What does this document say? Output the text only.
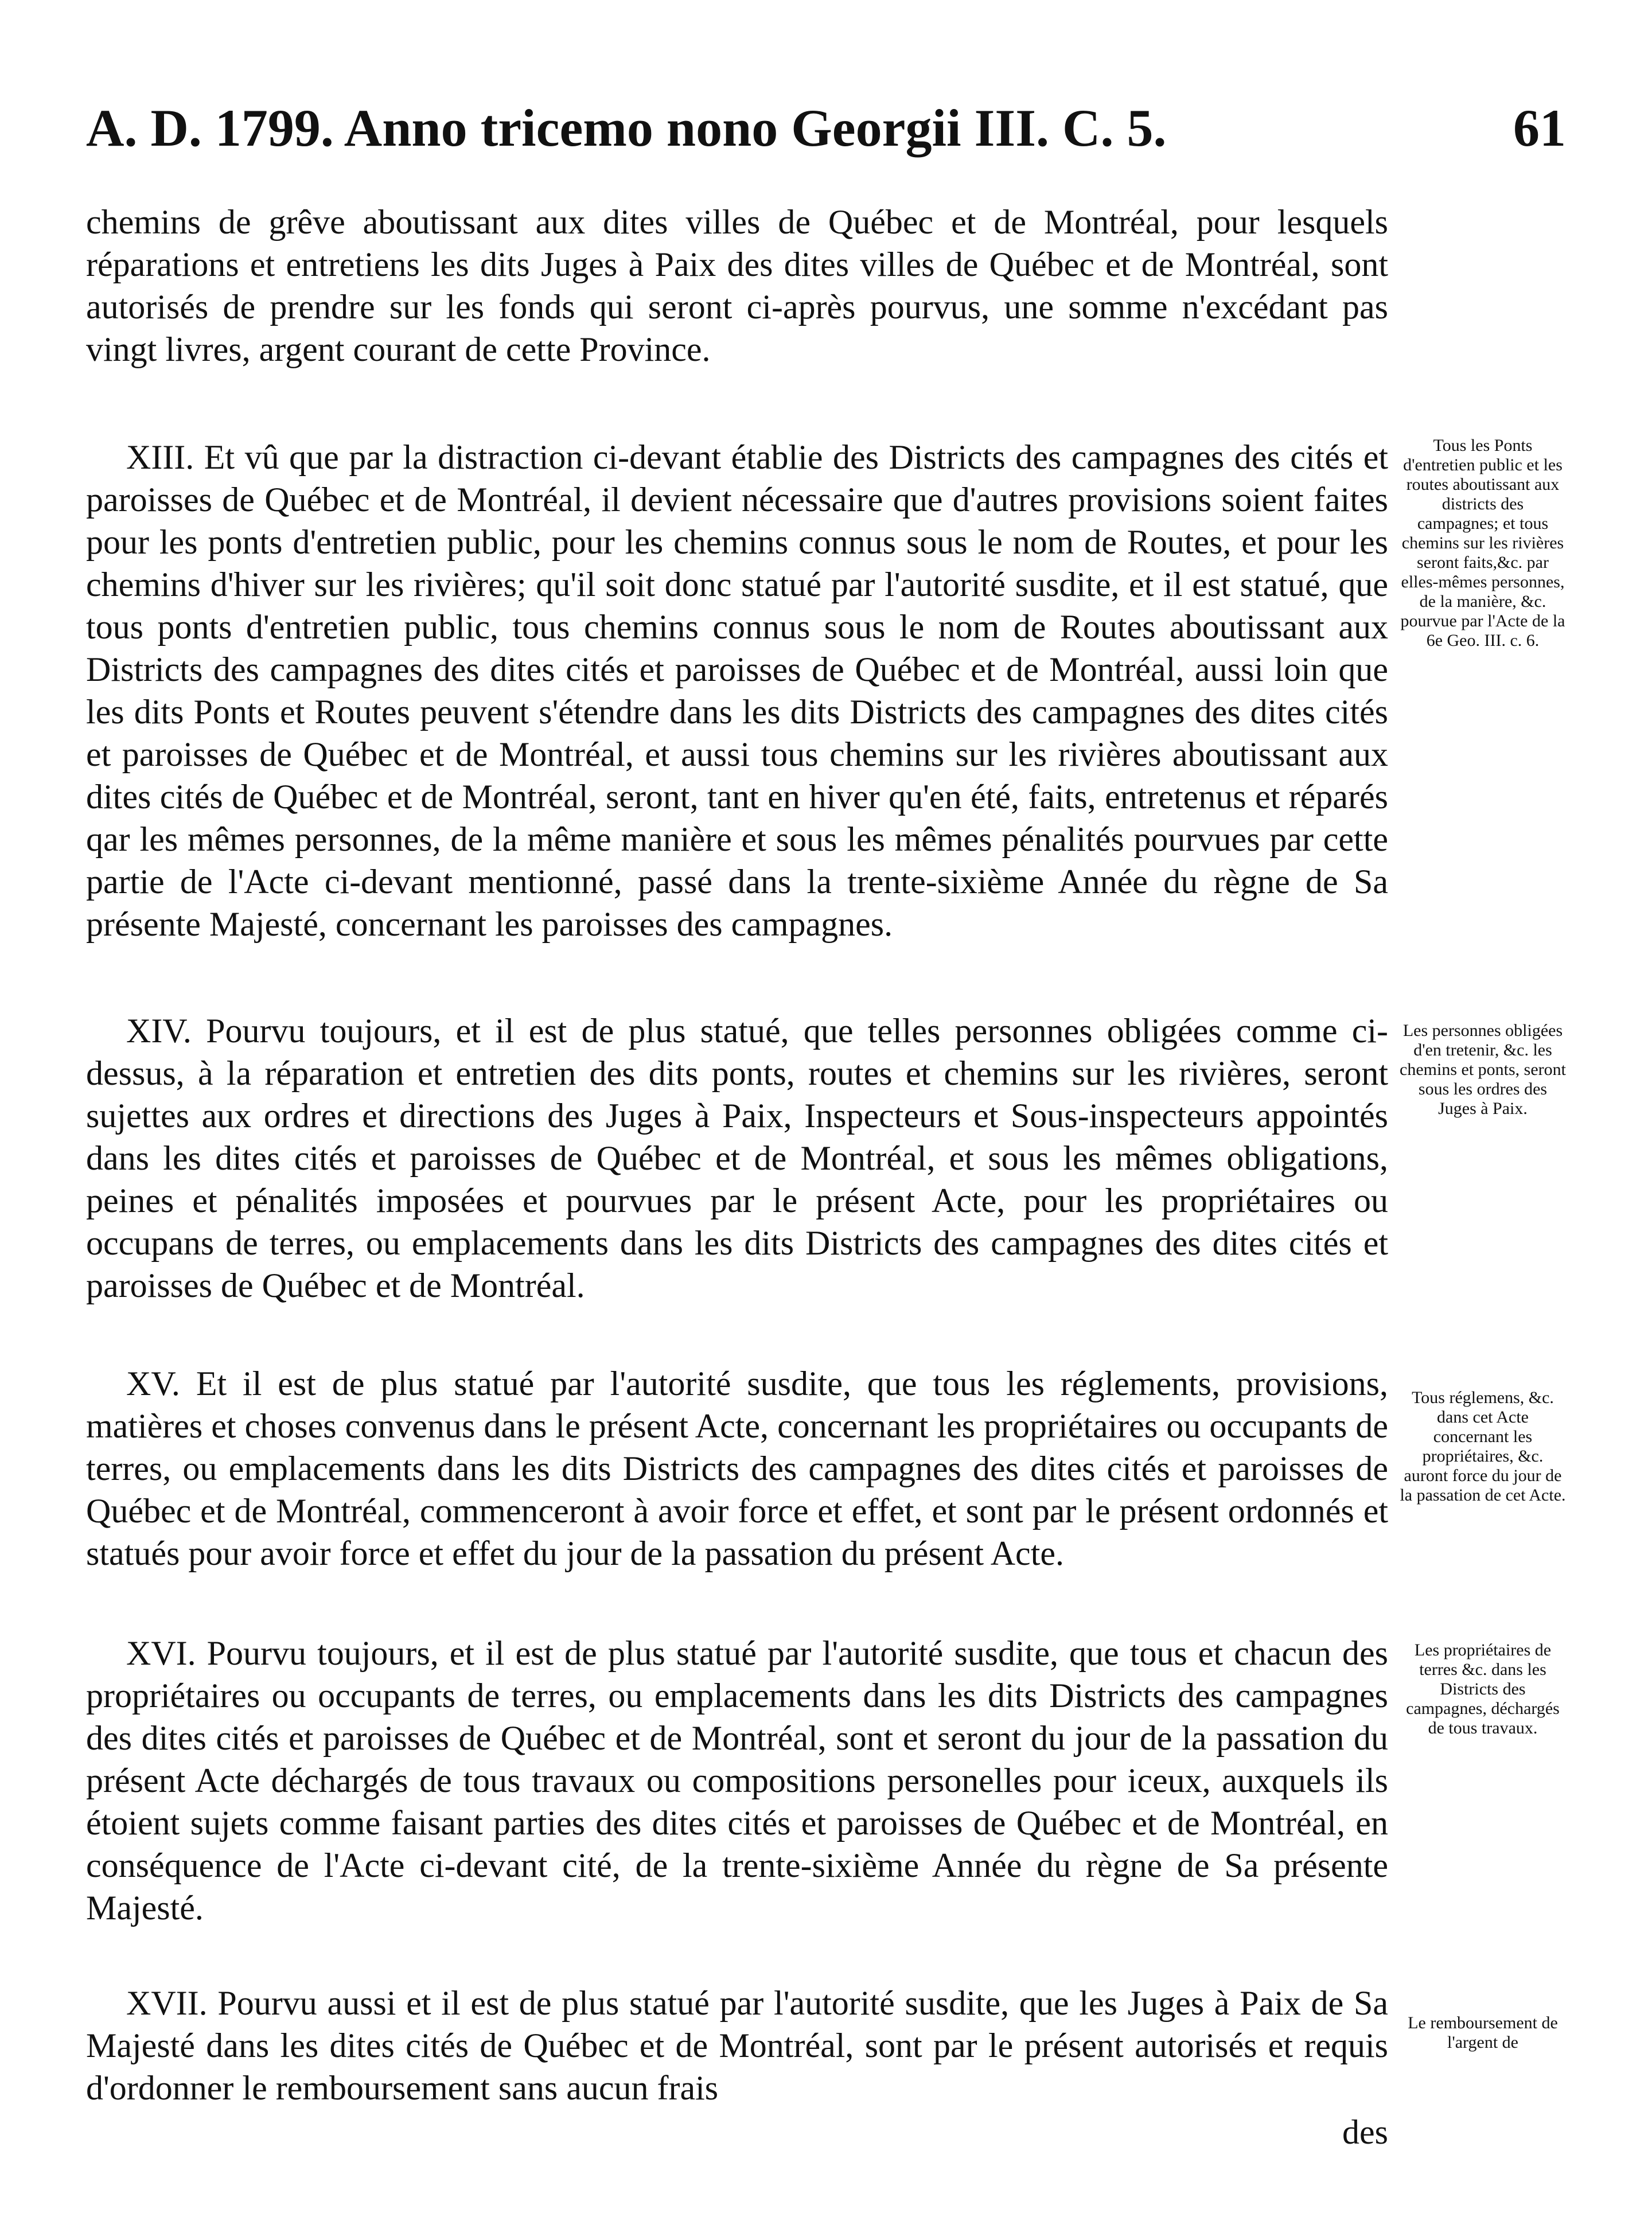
A. D. 1799. Anno tricemo nono Georgii III. C. 5.	61

chemins de grêve aboutissant aux dites villes de Québec et de Montréal, pour lesquels réparations et entretiens les dits Juges à Paix des dites villes de Québec et de Montréal, sont autorisés de prendre sur les fonds qui seront ci-après pourvus, une somme n'excédant pas vingt livres, argent courant de cette Province.

XIII. Et vû que par la distraction ci-devant établie des Districts des campagnes des cités et paroisses de Québec et de Montréal, il devient nécessaire que d'autres provisions soient faites pour les ponts d'entretien public, pour les chemins connus sous le nom de Routes, et pour les chemins d'hiver sur les rivières; qu'il soit donc statué par l'autorité susdite, et il est statué, que tous ponts d'entretien public, tous chemins connus sous le nom de Routes aboutissant aux Districts des campagnes des dites cités et paroisses de Québec et de Montréal, aussi loin que les dits Ponts et Routes peuvent s'étendre dans les dits Districts des campagnes des dites cités et paroisses de Québec et de Montréal, et aussi tous chemins sur les rivières aboutissant aux dites cités de Québec et de Montréal, seront, tant en hiver qu'en été, faits, entretenus et réparés qar les mêmes personnes, de la même manière et sous les mêmes pénalités pourvues par cette partie de l'Acte ci-devant mentionné, passé dans la trente-sixième Année du règne de Sa présente Majesté, concernant les paroisses des campagnes.

Tous les Ponts d'entretien public et les routes aboutissant aux districts des campagnes; et tous chemins sur les rivières seront faits,&c. par elles-mêmes personnes, de la manière, &c. pourvue par l'Acte de la 6e Geo. III. c. 6.

XIV. Pourvu toujours, et il est de plus statué, que telles personnes obligées comme ci-dessus, à la réparation et entretien des dits ponts, routes et chemins sur les rivières, seront sujettes aux ordres et directions des Juges à Paix, Inspecteurs et Sous-inspecteurs appointés dans les dites cités et paroisses de Québec et de Montréal, et sous les mêmes obligations, peines et pénalités imposées et pourvues par le présent Acte, pour les propriétaires ou occupans de terres, ou emplacements dans les dits Districts des campagnes des dites cités et paroisses de Québec et de Montréal.

Les personnes obligées d'en tretenir, &c. les chemins et ponts, seront sous les ordres des Juges à Paix.

XV. Et il est de plus statué par l'autorité susdite, que tous les réglements, provisions, matières et choses convenus dans le présent Acte, concernant les propriétaires ou occupants de terres, ou emplacements dans les dits Districts des campagnes des dites cités et paroisses de Québec et de Montréal, commenceront à avoir force et effet, et sont par le présent ordonnés et statués pour avoir force et effet du jour de la passation du présent Acte.

Tous réglemens, &c. dans cet Acte concernant les propriétaires, &c. auront force du jour de la passation de cet Acte.

XVI. Pourvu toujours, et il est de plus statué par l'autorité susdite, que tous et chacun des propriétaires ou occupants de terres, ou emplacements dans les dits Districts des campagnes des dites cités et paroisses de Québec et de Montréal, sont et seront du jour de la passation du présent Acte déchargés de tous travaux ou compositions personelles pour iceux, auxquels ils étoient sujets comme faisant parties des dites cités et paroisses de Québec et de Montréal, en conséquence de l'Acte ci-devant cité, de la trente-sixième Année du règne de Sa présente Majesté.

Les propriétaires de terres &c. dans les Districts des campagnes, déchargés de tous travaux.

XVII. Pourvu aussi et il est de plus statué par l'autorité susdite, que les Juges à Paix de Sa Majesté dans les dites cités de Québec et de Montréal, sont par le présent autorisés et requis d'ordonner le remboursement sans aucun frais

Le remboursement de l'argent de
des
